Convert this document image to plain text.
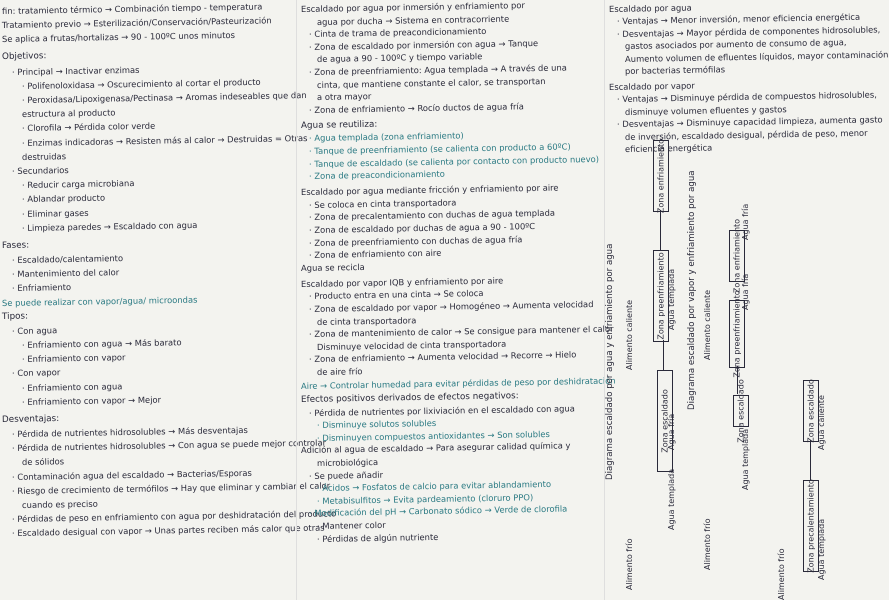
fin: tratamiento térmico → Combinación tiempo - temperatura
Tratamiento previo → Esterilización/Conservación/Pasteurización
Se aplica a frutas/hortalizas → 90 - 100ºC unos minutos
Objetivos:
· Principal → Inactivar enzimas
· Polifenoloxidasa → Oscurecimiento al cortar el producto
· Peroxidasa/Lipoxigenasa/Pectinasa → Aromas indeseables que dan
estructura al producto
· Clorofila → Pérdida color verde
· Enzimas indicadoras → Resisten más al calor → Destruidas = Otras
destruidas
· Secundarios
· Reducir carga microbiana
· Ablandar producto
· Eliminar gases
· Limpieza paredes → Escaldado con agua
Fases:
· Escaldado/calentamiento
· Mantenimiento del calor
· Enfriamiento
Se puede realizar con vapor/agua/ microondas
Tipos:
· Con agua
· Enfriamiento con agua → Más barato
· Enfriamiento con vapor
· Con vapor
· Enfriamiento con agua
· Enfriamiento con vapor → Mejor
Desventajas:
· Pérdida de nutrientes hidrosolubles → Más desventajas
· Pérdida de nutrientes hidrosolubles → Con agua se puede mejor controlar
de sólidos
· Contaminación agua del escaldado → Bacterias/Esporas
· Riesgo de crecimiento de termófilos → Hay que eliminar y cambiar el calor
cuando es preciso
· Pérdidas de peso en enfriamiento con agua por deshidratación del producto
· Escaldado desigual con vapor → Unas partes reciben más calor que otras
Escaldado por agua por inmersión y enfriamiento por
agua por ducha → Sistema en contracorriente
· Cinta de trama de preacondicionamiento
· Zona de escaldado por inmersión con agua → Tanque
de agua a 90 - 100ºC y tiempo variable
· Zona de preenfriamiento: Agua templada → A través de una
cinta, que mantiene constante el calor, se transportan
a otra mayor
· Zona de enfriamiento → Rocío ductos de agua fría
Agua se reutiliza:
· Agua templada (zona enfriamiento)
· Tanque de preenfriamiento (se calienta con producto a 60ºC)
· Tanque de escaldado (se calienta por contacto con producto nuevo)
· Zona de preacondicionamiento
Escaldado por agua mediante fricción y enfriamiento por aire
· Se coloca en cinta transportadora
· Zona de precalentamiento con duchas de agua templada
· Zona de escaldado por duchas de agua a 90 - 100ºC
· Zona de preenfriamiento con duchas de agua fría
· Zona de enfriamiento con aire
Agua se recicla
Escaldado por vapor IQB y enfriamiento por aire
· Producto entra en una cinta → Se coloca
· Zona de escaldado por vapor → Homogéneo → Aumenta velocidad
de cinta transportadora
· Zona de mantenimiento de calor → Se consigue para mantener el calor
Disminuye velocidad de cinta transportadora
· Zona de enfriamiento → Aumenta velocidad → Recorre → Hielo
de aire frío
Aire → Controlar humedad para evitar pérdidas de peso por deshidratación
Efectos positivos derivados de efectos negativos:
· Pérdida de nutrientes por lixiviación en el escaldado con agua
· Disminuye solutos solubles
· Disminuyen compuestos antioxidantes → Son solubles
Adición al agua de escaldado → Para asegurar calidad química y
microbiológica
· Se puede añadir
· Ácidos → Fosfatos de calcio para evitar ablandamiento
· Metabisulfitos → Evita pardeamiento (cloruro PPO)
· Modificación del pH → Carbonato sódico → Verde de clorofila
· Mantener color
· Pérdidas de algún nutriente
Diagrama escaldado por agua y enfriamiento por agua	Zona escaldado
Zona preenfriamiento
Zona enfriamiento
Alimento frío
Alimento caliente
Agua templada
Agua fría
Agua templada Diagrama escaldado por vapor y enfriamiento por agua
Zona escaldado
Zona preenfriamiento
Zona enfriamiento
Alimento frío
Alimento caliente
Agua templada
Agua fría
Agua fría
Zona precalentamiento
Zona escaldado
Alimento frío	Agua templada
Agua caliente
Escaldado por agua
· Ventajas → Menor inversión, menor eficiencia energética
· Desventajas → Mayor pérdida de componentes hidrosolubles,
gastos asociados por aumento de consumo de agua,
Aumento volumen de efluentes líquidos, mayor contaminación
por bacterias termófilas
Escaldado por vapor
· Ventajas → Disminuye pérdida de compuestos hidrosolubles,
disminuye volumen efluentes y gastos
· Desventajas → Disminuye capacidad limpieza, aumenta gasto
de inversión, escaldado desigual, pérdida de peso, menor
eficiencia energética
